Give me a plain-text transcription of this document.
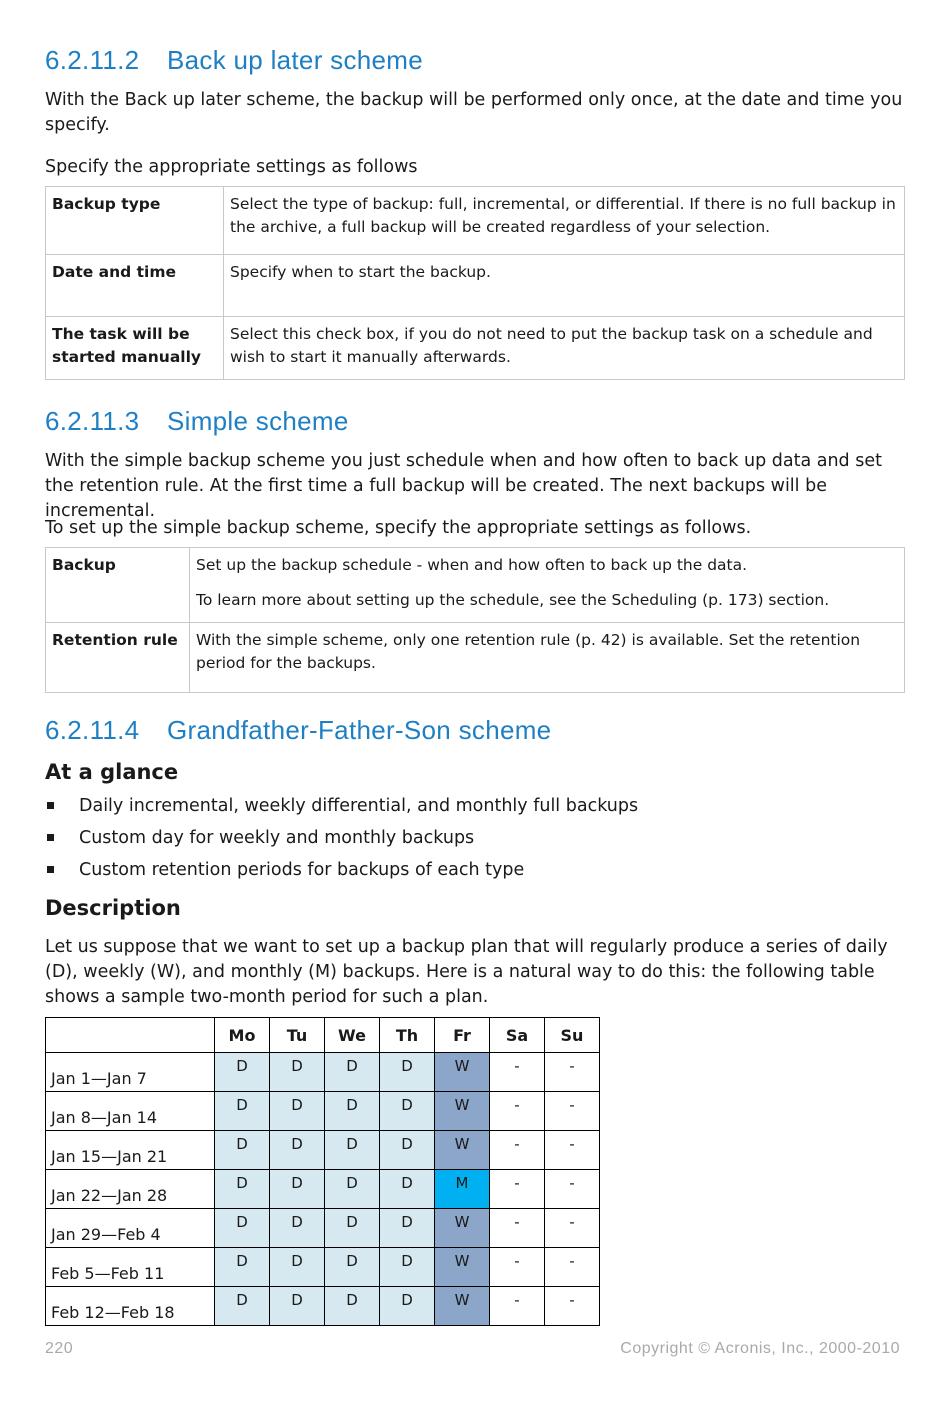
6.2.11.2 Back up later scheme

With the Back up later scheme, the backup will be performed only once, at the date and time you specify.

Specify the appropriate settings as follows

Backup type	Select the type of backup: full, incremental, or differential. If there is no full backup in the archive, a full backup will be created regardless of your selection.
Date and time	Specify when to start the backup.
The task will be started manually	Select this check box, if you do not need to put the backup task on a schedule and wish to start it manually afterwards.
6.2.11.3 Simple scheme

With the simple backup scheme you just schedule when and how often to back up data and set the retention rule. At the first time a full backup will be created. The next backups will be incremental.

To set up the simple backup scheme, specify the appropriate settings as follows.

Backup	Set up the backup schedule - when and how often to back up the data.
To learn more about setting up the schedule, see the Scheduling (p. 173) section.

Retention rule	With the simple scheme, only one retention rule (p. 42) is available. Set the retention period for the backups.
6.2.11.4 Grandfather-Father-Son scheme
At a glance
Daily incremental, weekly differential, and monthly full backups
Custom day for weekly and monthly backups
Custom retention periods for backups of each type
Description

Let us suppose that we want to set up a backup plan that will regularly produce a series of daily (D), weekly (W), and monthly (M) backups. Here is a natural way to do this: the following table shows a sample two-month period for such a plan.

	Mo	Tu	We	Th	Fr	Sa	Su
Jan 1—Jan 7	D	D	D	D	W	-	-
Jan 8—Jan 14	D	D	D	D	W	-	-
Jan 15—Jan 21	D	D	D	D	W	-	-
Jan 22—Jan 28	D	D	D	D	M	-	-
Jan 29—Feb 4	D	D	D	D	W	-	-
Feb 5—Feb 11	D	D	D	D	W	-	-
Feb 12—Feb 18	D	D	D	D	W	-	-
220	Copyright © Acronis, Inc., 2000-2010
